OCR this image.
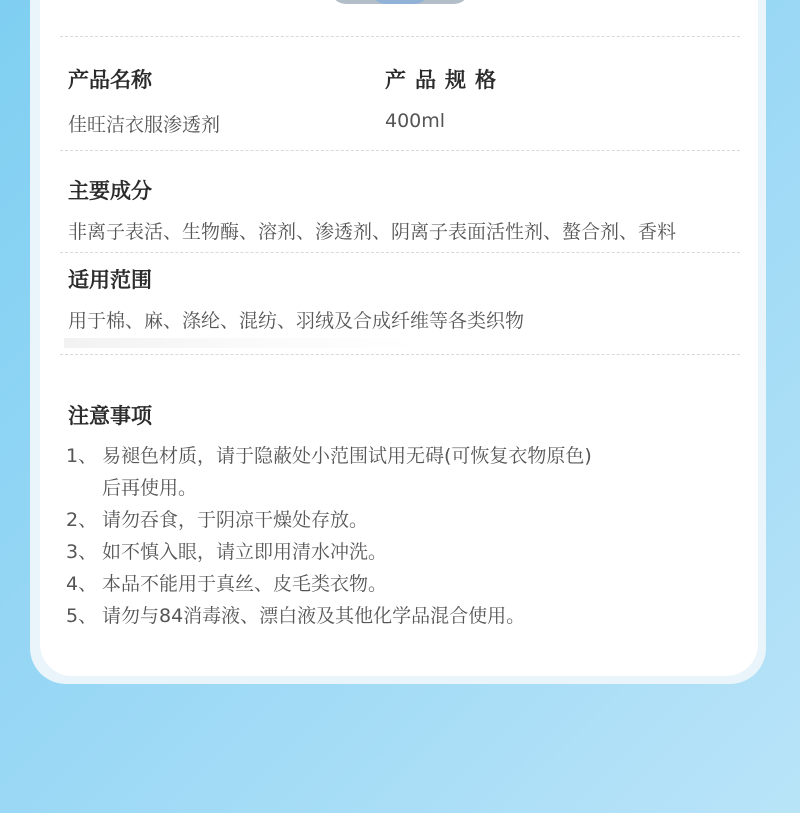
产品名称	产品规格
佳旺洁衣服渗透剂	400ml
主要成分
非离子表活、生物酶、溶剂、渗透剂、阴离子表面活性剂、螯合剂、香料
适用范围
用于棉、麻、涤纶、混纺、羽绒及合成纤维等各类织物
注意事项
1、 易褪色材质，请于隐蔽处小范围试用无碍(可恢复衣物原色)
后再使用。
2、 请勿吞食，于阴凉干燥处存放。
3、 如不慎入眼，请立即用清水冲洗。
4、 本品不能用于真丝、皮毛类衣物。
5、 请勿与84消毒液、漂白液及其他化学品混合使用。
